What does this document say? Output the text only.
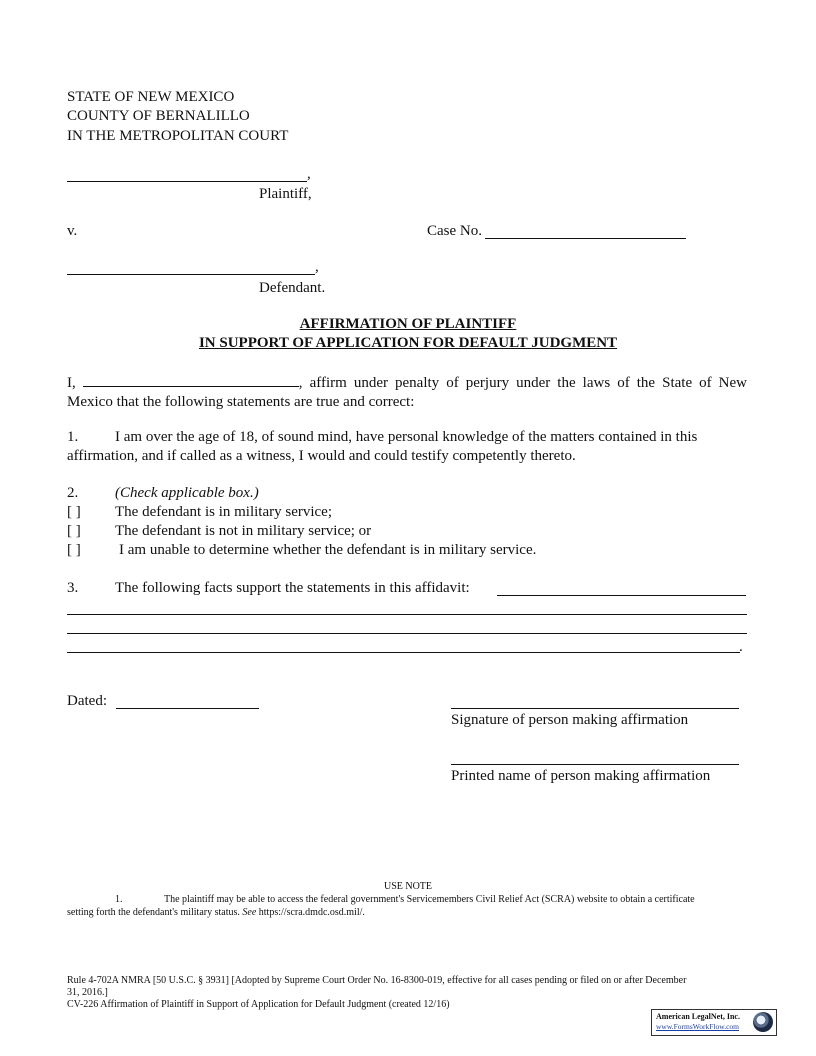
STATE OF NEW MEXICO
COUNTY OF BERNALILLO
IN THE METROPOLITAN COURT
,
Plaintiff,
v.	Case No.
,
Defendant.
AFFIRMATION OF PLAINTIFF
IN SUPPORT OF APPLICATION FOR DEFAULT JUDGMENT
I,	, affirm under penalty of perjury under the laws of the State of New Mexico that the following statements are true and correct:
1. I am over the age of 18, of sound mind, have personal knowledge of the matters contained in this affirmation, and if called as a witness, I would and could testify competently thereto.
2. (Check applicable box.)
[ ] The defendant is in military service;
[ ] The defendant is not in military service; or
[ ]	I am unable to determine whether the defendant is in military service.
3. The following facts support the statements in this affidavit:
.
Dated:
Signature of person making affirmation
Printed name of person making affirmation
USE NOTE
1.	The plaintiff may be able to access the federal government's Servicemembers Civil Relief Act (SCRA) website to obtain a certificate
setting forth the defendant's military status. See https://scra.dmdc.osd.mil/.
Rule 4-702A NMRA [50 U.S.C. § 3931] [Adopted by Supreme Court Order No. 16-8300-019, effective for all cases pending or filed on or after December
31, 2016.]
CV-226 Affirmation of Plaintiff in Support of Application for Default Judgment (created 12/16)
American LegalNet, Inc.
www.FormsWorkFlow.com
